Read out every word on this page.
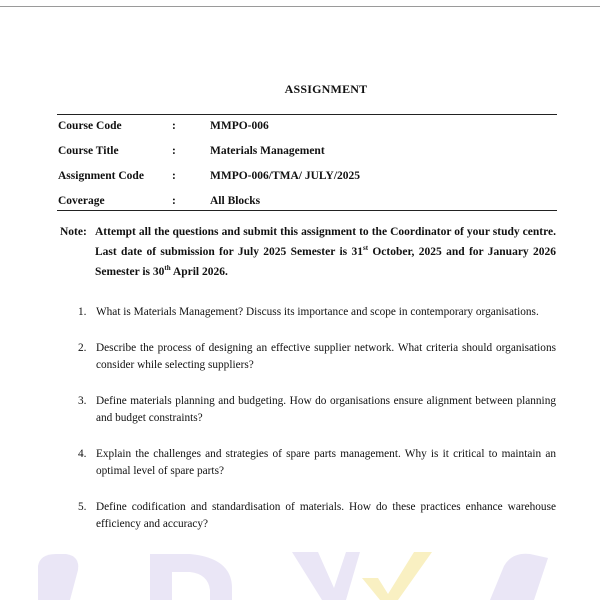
ASSIGNMENT
Course Code	:	MMPO-006
Course Title	:	Materials Management
Assignment Code :	MMPO-006/TMA/ JULY/2025
Coverage	:	All Blocks
Note: Attempt all the questions and submit this assignment to the Coordinator of your study centre. Last date of submission for July 2025 Semester is 31st October, 2025 and for January 2026 Semester is 30th April 2026.
1. What is Materials Management? Discuss its importance and scope in contemporary organisations.
2. Describe the process of designing an effective supplier network. What criteria should organisations consider while selecting suppliers?
3. Define materials planning and budgeting. How do organisations ensure alignment between planning and budget constraints?
4. Explain the challenges and strategies of spare parts management. Why is it critical to maintain an optimal level of spare parts?
5. Define codification and standardisation of materials. How do these practices enhance warehouse efficiency and accuracy?
